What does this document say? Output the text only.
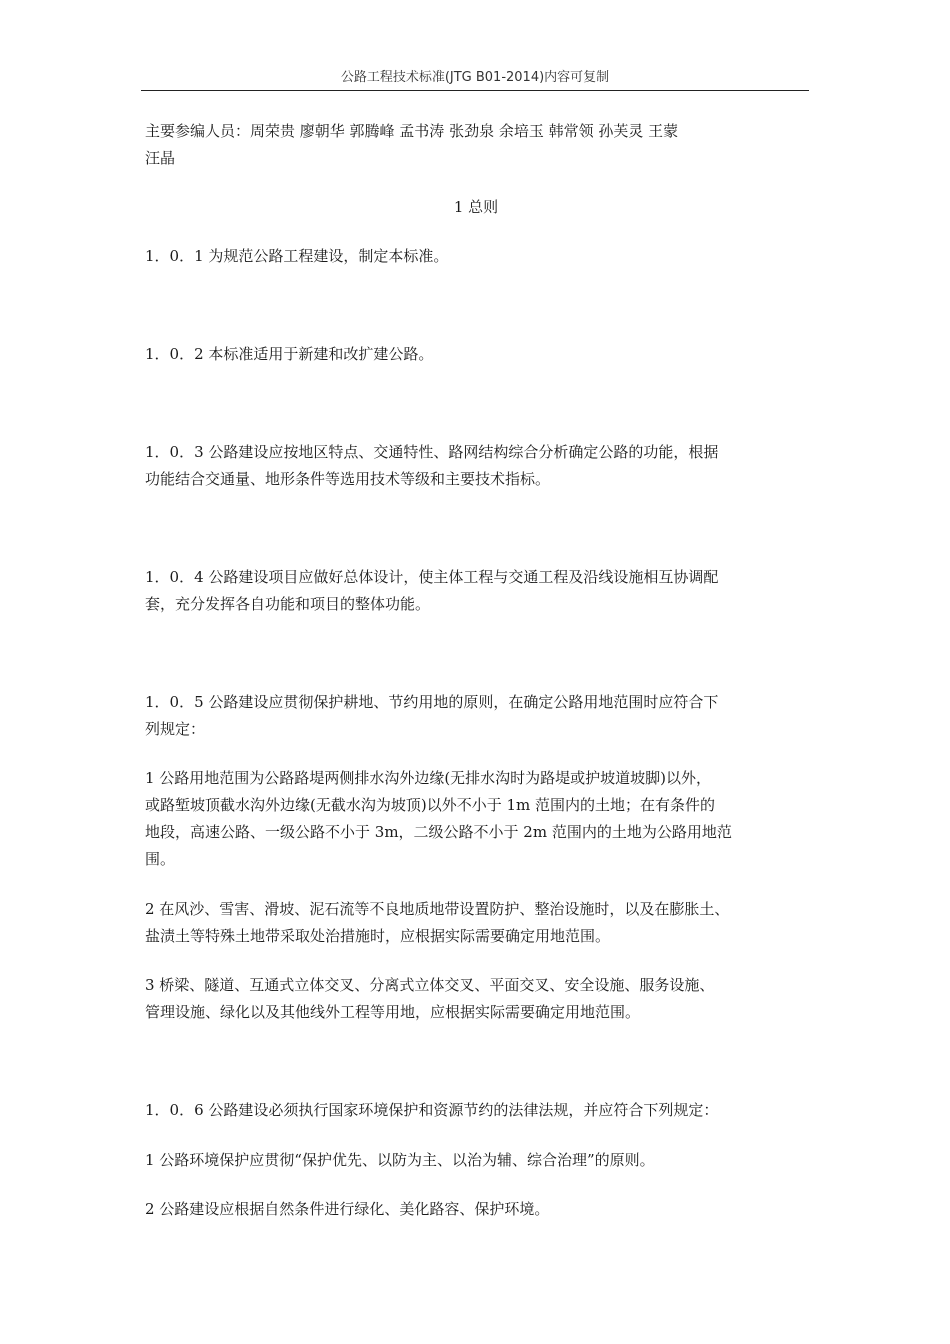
公路工程技术标准(JTG B01-2014)内容可复制
主要参编人员：周荣贵 廖朝华 郭腾峰 孟书涛 张劲泉 余培玉 韩常领 孙芙灵 王蒙
汪晶
1 总则
1．0．1 为规范公路工程建设，制定本标准。
1．0．2 本标准适用于新建和改扩建公路。
1．0．3 公路建设应按地区特点、交通特性、路网结构综合分析确定公路的功能，根据
功能结合交通量、地形条件等选用技术等级和主要技术指标。
1．0．4 公路建设项目应做好总体设计，使主体工程与交通工程及沿线设施相互协调配
套，充分发挥各自功能和项目的整体功能。
1．0．5 公路建设应贯彻保护耕地、节约用地的原则，在确定公路用地范围时应符合下
列规定：
1 公路用地范围为公路路堤两侧排水沟外边缘(无排水沟时为路堤或护坡道坡脚)以外，
或路堑坡顶截水沟外边缘(无截水沟为坡顶)以外不小于 1m 范围内的土地；在有条件的
地段，高速公路、一级公路不小于 3m，二级公路不小于 2m 范围内的土地为公路用地范
围。
2 在风沙、雪害、滑坡、泥石流等不良地质地带设置防护、整治设施时，以及在膨胀土、
盐渍土等特殊土地带采取处治措施时，应根据实际需要确定用地范围。
3 桥梁、隧道、互通式立体交叉、分离式立体交叉、平面交叉、安全设施、服务设施、
管理设施、绿化以及其他线外工程等用地，应根据实际需要确定用地范围。
1．0．6 公路建设必须执行国家环境保护和资源节约的法律法规，并应符合下列规定：
1 公路环境保护应贯彻“保护优先、以防为主、以治为辅、综合治理”的原则。
2 公路建设应根据自然条件进行绿化、美化路容、保护环境。
